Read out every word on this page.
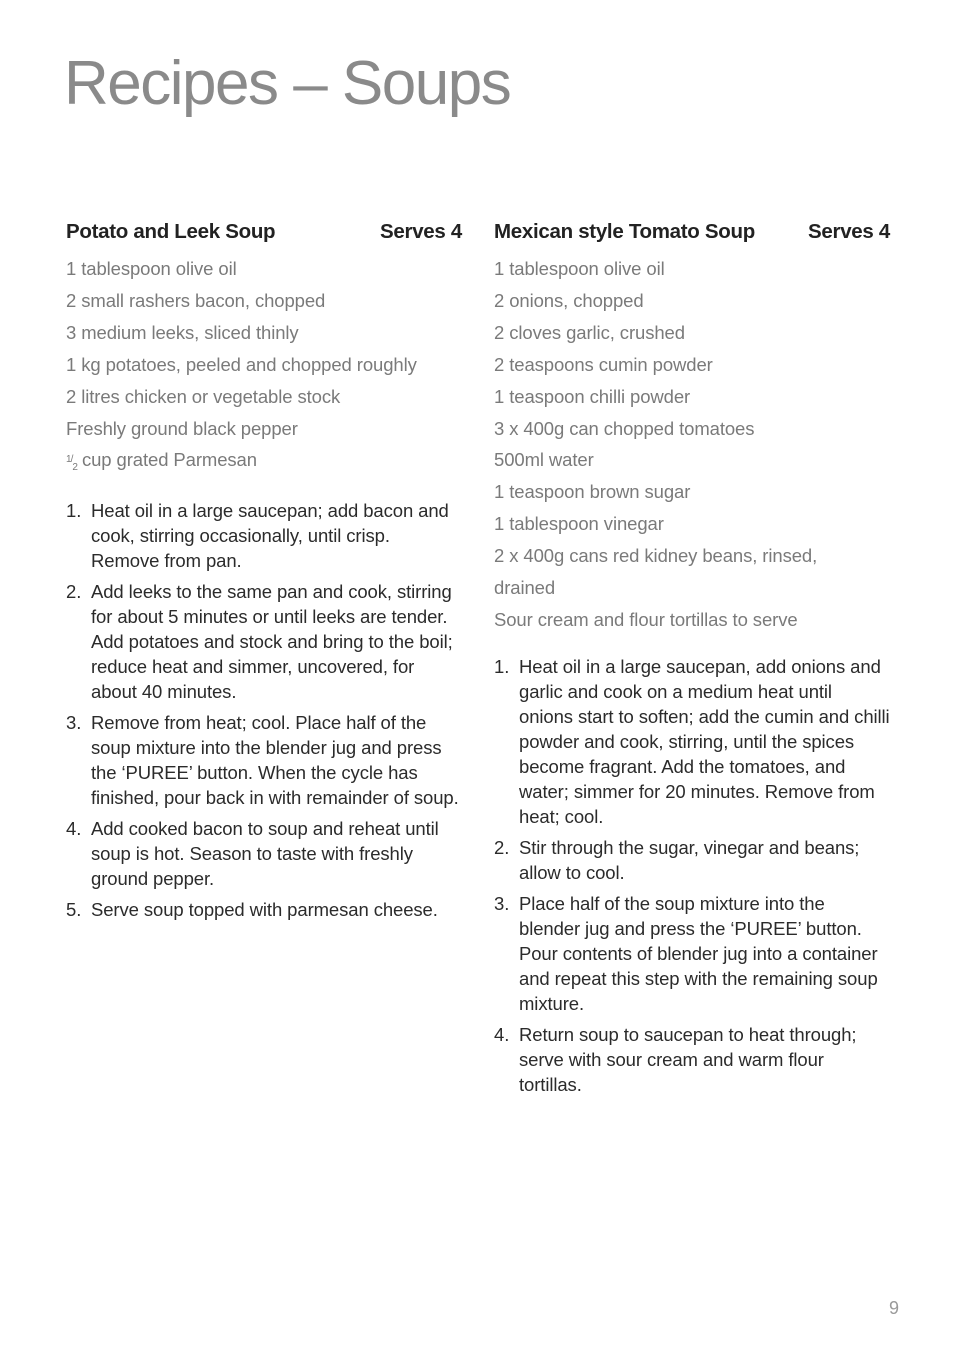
Recipes – Soups
Potato and Leek Soup	Serves 4
1 tablespoon olive oil
2 small rashers bacon, chopped
3 medium leeks, sliced thinly
1 kg potatoes, peeled and chopped roughly
2 litres chicken or vegetable stock
Freshly ground black pepper
$^{1/2}$ cup grated Parmesan
1. Heat oil in a large saucepan; add bacon and cook, stirring occasionally, until crisp. Remove from pan.
2. Add leeks to the same pan and cook, stirring for about 5 minutes or until leeks are tender. Add potatoes and stock and bring to the boil; reduce heat and simmer, uncovered, for about 40 minutes.
3. Remove from heat; cool. Place half of the soup mixture into the blender jug and press the ‘PUREE’ button. When the cycle has finished, pour back in with remainder of soup.
4. Add cooked bacon to soup and reheat until soup is hot. Season to taste with freshly ground pepper.
5. Serve soup topped with parmesan cheese.
Mexican style Tomato Soup	Serves 4
1 tablespoon olive oil
2 onions, chopped
2 cloves garlic, crushed
2 teaspoons cumin powder
1 teaspoon chilli powder
3 x 400g can chopped tomatoes
500ml water
1 teaspoon brown sugar
1 tablespoon vinegar
2 x 400g cans red kidney beans, rinsed,
drained
Sour cream and flour tortillas to serve
1. Heat oil in a large saucepan, add onions and garlic and cook on a medium heat until onions start to soften; add the cumin and chilli powder and cook, stirring, until the spices become fragrant. Add the tomatoes, and water; simmer for 20 minutes. Remove from heat; cool.
2. Stir through the sugar, vinegar and beans; allow to cool.
3. Place half of the soup mixture into the blender jug and press the ‘PUREE’ button. Pour contents of blender jug into a container and repeat this step with the remaining soup mixture.
4. Return soup to saucepan to heat through; serve with sour cream and warm flour tortillas.
9
